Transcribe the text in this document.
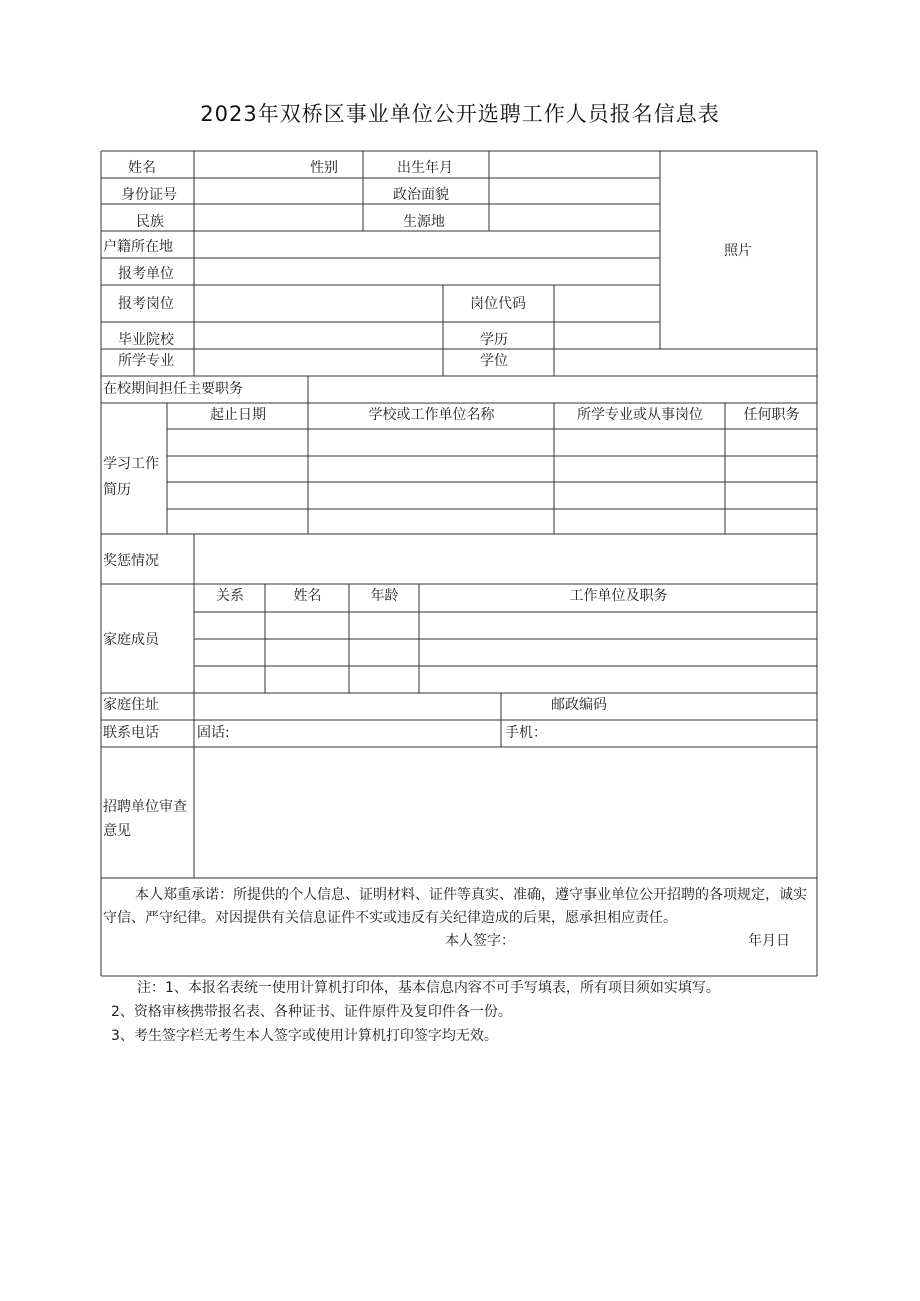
2023年双桥区事业单位公开选聘工作人员报名信息表
姓名	性别	出生年月
身份证号	政治面貌
民族	生源地
户籍所在地
报考单位
报考岗位	岗位代码
毕业院校	学历
所学专业	学位
照片
在校期间担任主要职务
学习工作简历
起止日期	学校或工作单位名称	所学专业或从事岗位	任何职务
奖惩情况
家庭成员
关系	姓名	年龄	工作单位及职务
家庭住址	邮政编码
联系电话	固话:	手机：
招聘单位审查意见
本人郑重承诺：所提供的个人信息、证明材料、证件等真实、准确，遵守事业单位公开招聘的各项规定，诚实守信、严守纪律。对因提供有关信息证件不实或违反有关纪律造成的后果，愿承担相应责任。
本人签字：	年月日
注：1、本报名表统一使用计算机打印体，基本信息内容不可手写填表，所有项目须如实填写。
2、资格审核携带报名表、各种证书、证件原件及复印件各一份。
3、考生签字栏无考生本人签字或使用计算机打印签字均无效。
